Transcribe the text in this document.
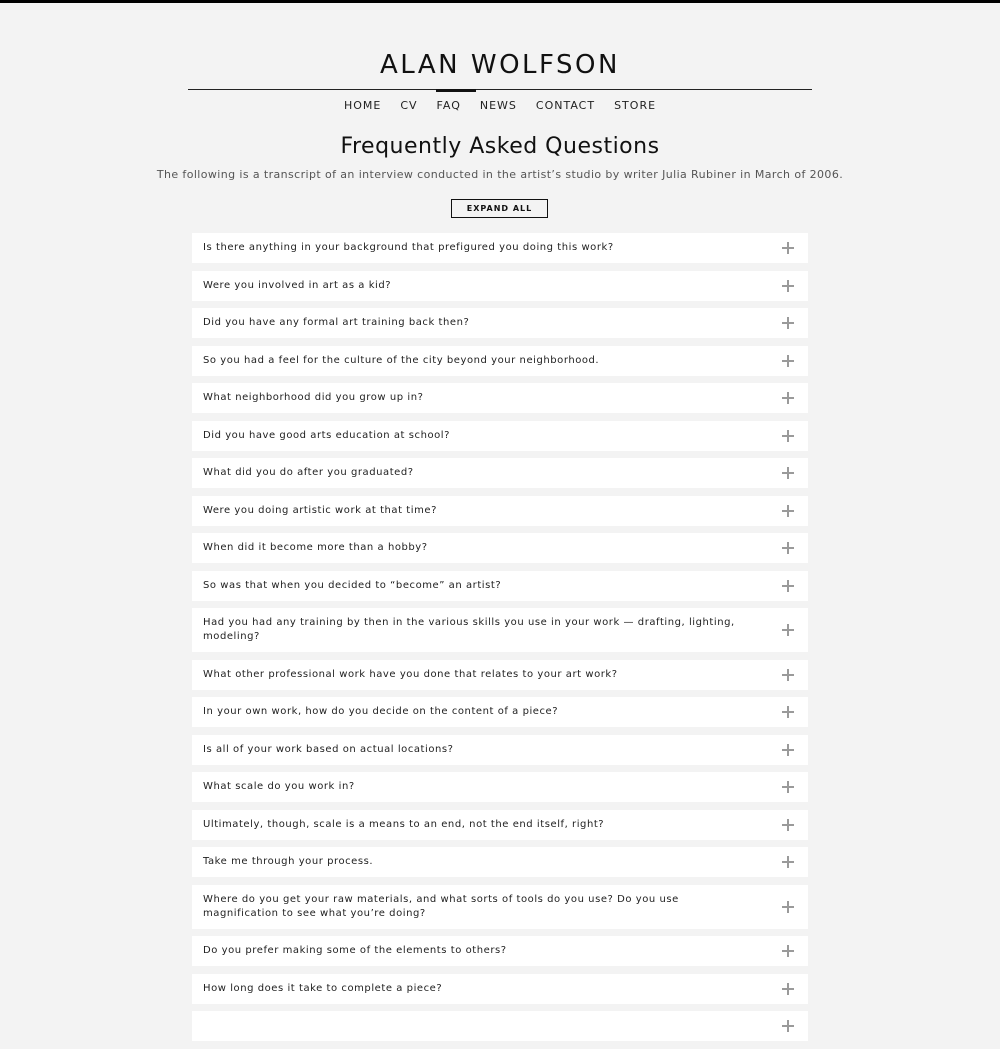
ALAN WOLFSON
HOME	CV	FAQ	NEWS	CONTACT	STORE
Frequently Asked Questions

The following is a transcript of an interview conducted in the artist’s studio by writer Julia Rubiner in March of 2006.

EXPAND ALL
Is there anything in your background that prefigured you doing this work?
Were you involved in art as a kid?
Did you have any formal art training back then?
So you had a feel for the culture of the city beyond your neighborhood.
What neighborhood did you grow up in?
Did you have good arts education at school?
What did you do after you graduated?
Were you doing artistic work at that time?
When did it become more than a hobby?
So was that when you decided to “become” an artist?
Had you had any training by then in the various skills you use in your work — drafting, lighting, modeling?
What other professional work have you done that relates to your art work?
In your own work, how do you decide on the content of a piece?
Is all of your work based on actual locations?
What scale do you work in?
Ultimately, though, scale is a means to an end, not the end itself, right?
Take me through your process.
Where do you get your raw materials, and what sorts of tools do you use? Do you use magnification to see what you’re doing?
Do you prefer making some of the elements to others?
How long does it take to complete a piece?
